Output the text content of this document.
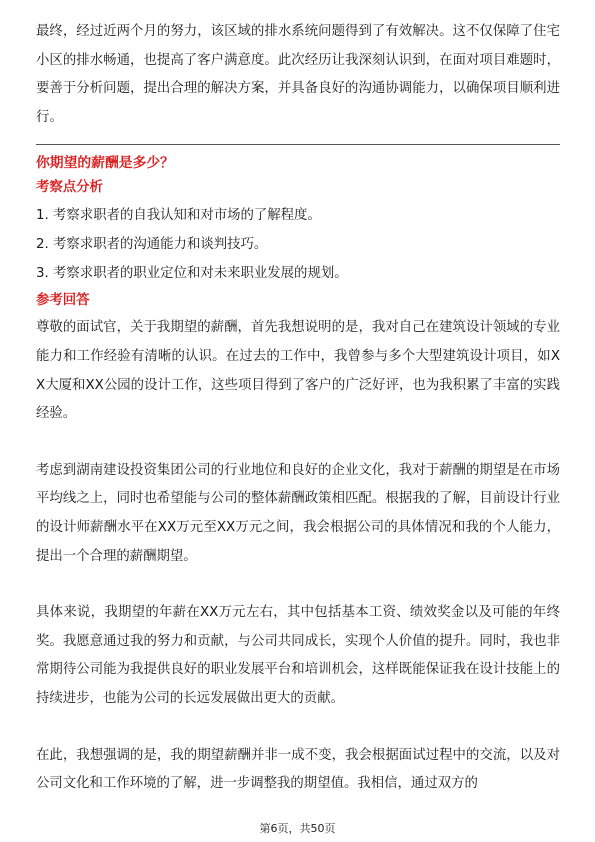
最终，经过近两个月的努力，该区域的排水系统问题得到了有效解决。这不仅保障了住宅小区的排水畅通，也提高了客户满意度。此次经历让我深刻认识到，在面对项目难题时，要善于分析问题，提出合理的解决方案，并具备良好的沟通协调能力，以确保项目顺利进行。

你期望的薪酬是多少？

考察点分析

1. 考察求职者的自我认知和对市场的了解程度。

2. 考察求职者的沟通能力和谈判技巧。

3. 考察求职者的职业定位和对未来职业发展的规划。

参考回答

尊敬的面试官，关于我期望的薪酬，首先我想说明的是，我对自己在建筑设计领域的专业能力和工作经验有清晰的认识。在过去的工作中，我曾参与多个大型建筑设计项目，如XX大厦和XX公园的设计工作，这些项目得到了客户的广泛好评，也为我积累了丰富的实践经验。

考虑到湖南建设投资集团公司的行业地位和良好的企业文化，我对于薪酬的期望是在市场平均线之上，同时也希望能与公司的整体薪酬政策相匹配。根据我的了解，目前设计行业的设计师薪酬水平在XX万元至XX万元之间，我会根据公司的具体情况和我的个人能力，提出一个合理的薪酬期望。

具体来说，我期望的年薪在XX万元左右，其中包括基本工资、绩效奖金以及可能的年终奖。我愿意通过我的努力和贡献，与公司共同成长，实现个人价值的提升。同时，我也非常期待公司能为我提供良好的职业发展平台和培训机会，这样既能保证我在设计技能上的持续进步，也能为公司的长远发展做出更大的贡献。

在此，我想强调的是，我的期望薪酬并非一成不变，我会根据面试过程中的交流，以及对公司文化和工作环境的了解，进一步调整我的期望值。我相信，通过双方的

第6页，共50页
